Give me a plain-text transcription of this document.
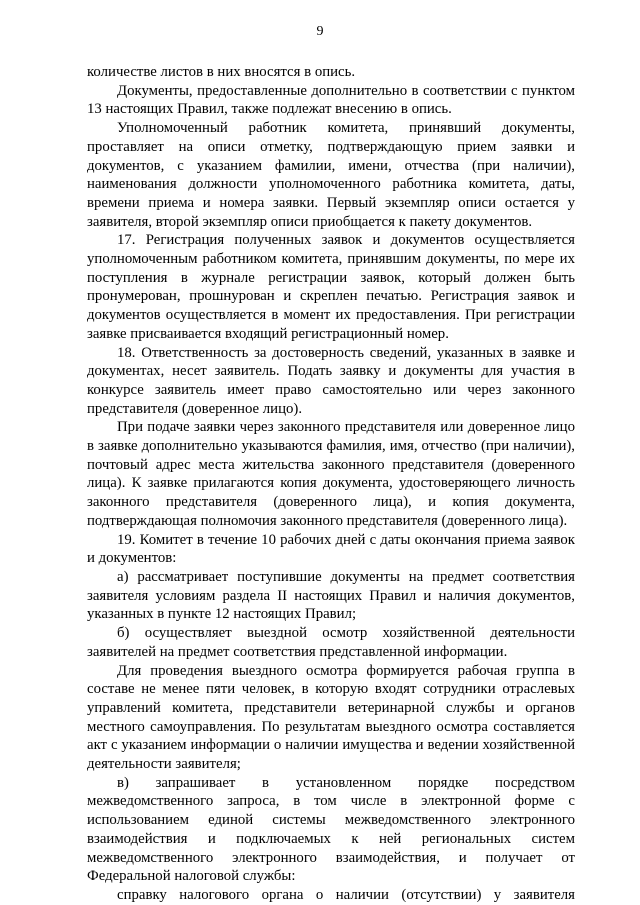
9

количестве листов в них вносятся в опись.

Документы, предоставленные дополнительно в соответствии с пунктом 13 настоящих Правил, также подлежат внесению в опись.

Уполномоченный работник комитета, принявший документы, проставляет на описи отметку, подтверждающую прием заявки и документов, с указанием фамилии, имени, отчества (при наличии), наименования должности уполномоченного работника комитета, даты, времени приема и номера заявки. Первый экземпляр описи остается у заявителя, второй экземпляр описи приобщается к пакету документов.

17. Регистрация полученных заявок и документов осуществляется уполномоченным работником комитета, принявшим документы, по мере их поступления в журнале регистрации заявок, который должен быть пронумерован, прошнурован и скреплен печатью. Регистрация заявок и документов осуществляется в момент их предоставления. При регистрации заявке присваивается входящий регистрационный номер.

18. Ответственность за достоверность сведений, указанных в заявке и документах, несет заявитель. Подать заявку и документы для участия в конкурсе заявитель имеет право самостоятельно или через законного представителя (доверенное лицо).

При подаче заявки через законного представителя или доверенное лицо в заявке дополнительно указываются фамилия, имя, отчество (при наличии), почтовый адрес места жительства законного представителя (доверенного лица). К заявке прилагаются копия документа, удостоверяющего личность законного представителя (доверенного лица), и копия документа, подтверждающая полномочия законного представителя (доверенного лица).

19. Комитет в течение 10 рабочих дней с даты окончания приема заявок и документов:

а) рассматривает поступившие документы на предмет соответствия заявителя условиям раздела II настоящих Правил и наличия документов, указанных в пункте 12 настоящих Правил;

б) осуществляет выездной осмотр хозяйственной деятельности заявителей на предмет соответствия представленной информации.

Для проведения выездного осмотра формируется рабочая группа в составе не менее пяти человек, в которую входят сотрудники отраслевых управлений комитета, представители ветеринарной службы и органов местного самоуправления. По результатам выездного осмотра составляется акт с указанием информации о наличии имущества и ведении хозяйственной деятельности заявителя;

в) запрашивает в установленном порядке посредством межведомственного запроса, в том числе в электронной форме с использованием единой системы межведомственного электронного взаимодействия и подключаемых к ней региональных систем межведомственного электронного взаимодействия, и получает от Федеральной налоговой службы:

справку налогового органа о наличии (отсутствии) у заявителя
